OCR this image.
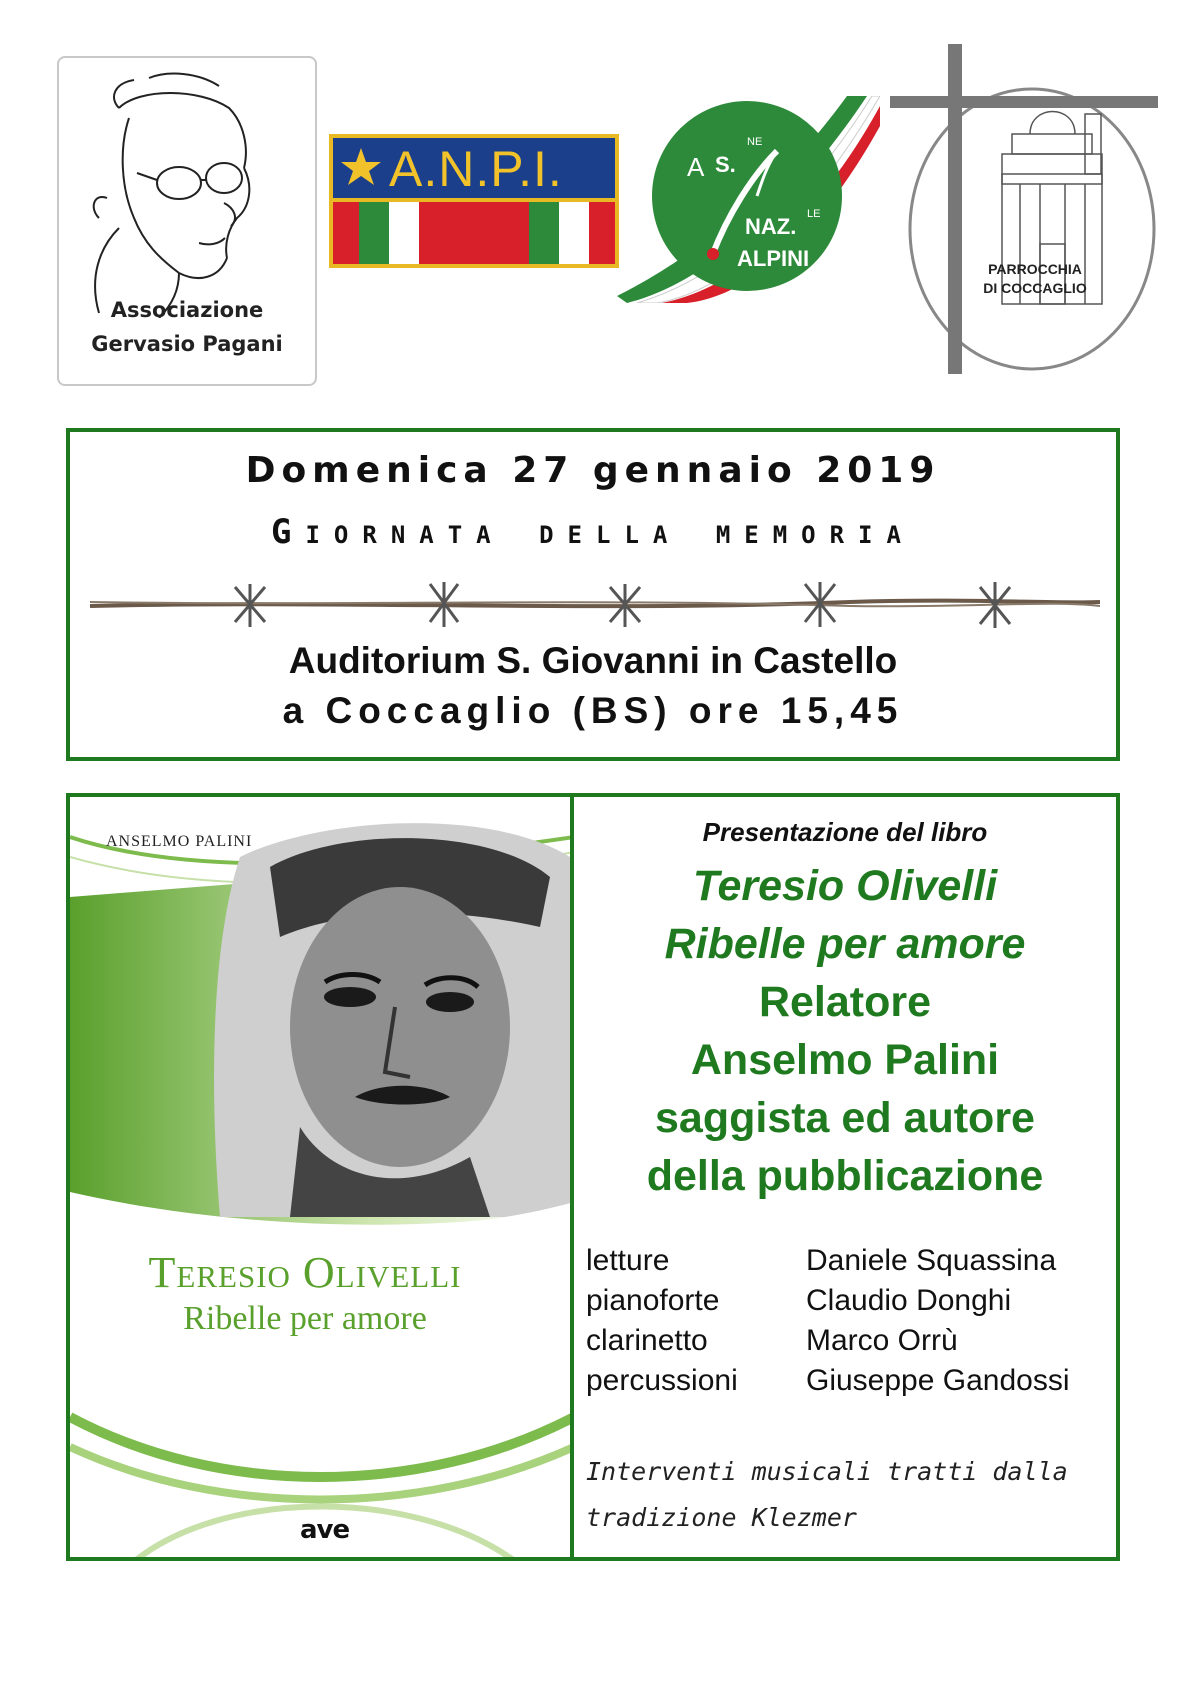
Associazione
Gervasio Pagani
A.N.P.I.	A S.
NE
NAZ. LE
ALPINI	PARROCCHIA
DI COCCAGLIO
Domenica 27 gennaio 2019
Giornata della memoria
Auditorium S. Giovanni in Castello
a Coccaglio (BS) ore 15,45
ANSELMO PALINI
Teresio Olivelli
Ribelle per amore
ave
Presentazione del libro
Teresio Olivelli
Ribelle per amore
Relatore
Anselmo Palini
saggista ed autore
della pubblicazione
letture	Daniele Squassina
pianoforte	Claudio Donghi
clarinetto	Marco Orrù
percussioni	Giuseppe Gandossi
Interventi musicali tratti dalla
tradizione Klezmer
